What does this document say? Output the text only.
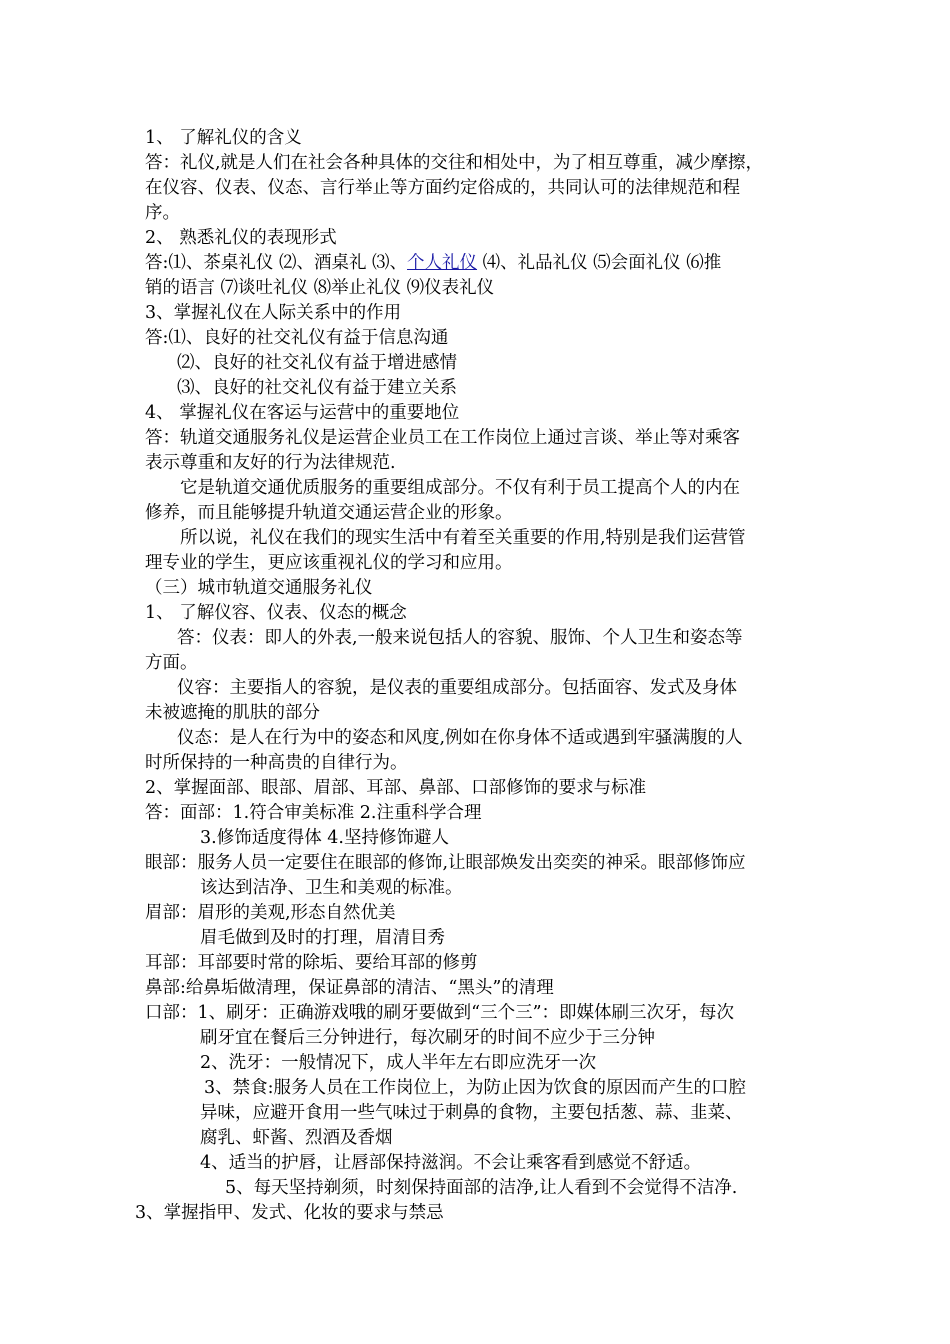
1、 了解礼仪的含义
答：礼仪,就是人们在社会各种具体的交往和相处中，为了相互尊重，减少摩擦，
在仪容、仪表、仪态、言行举止等方面约定俗成的，共同认可的法律规范和程
序。
2、 熟悉礼仪的表现形式
答:⑴、茶桌礼仪 ⑵、酒桌礼 ⑶、个人礼仪 ⑷、礼品礼仪 ⑸会面礼仪 ⑹推
销的语言 ⑺谈吐礼仪 ⑻举止礼仪 ⑼仪表礼仪
3、掌握礼仪在人际关系中的作用
答:⑴、良好的社交礼仪有益于信息沟通
⑵、良好的社交礼仪有益于增进感情
⑶、良好的社交礼仪有益于建立关系
4、 掌握礼仪在客运与运营中的重要地位
答：轨道交通服务礼仪是运营企业员工在工作岗位上通过言谈、举止等对乘客
表示尊重和友好的行为法律规范.
它是轨道交通优质服务的重要组成部分。不仅有利于员工提高个人的内在
修养，而且能够提升轨道交通运营企业的形象。
所以说，礼仪在我们的现实生活中有着至关重要的作用,特别是我们运营管
理专业的学生，更应该重视礼仪的学习和应用。
（三）城市轨道交通服务礼仪
1、 了解仪容、仪表、仪态的概念
答：仪表：即人的外表,一般来说包括人的容貌、服饰、个人卫生和姿态等
方面。
仪容：主要指人的容貌，是仪表的重要组成部分。包括面容、发式及身体
未被遮掩的肌肤的部分
仪态：是人在行为中的姿态和风度,例如在你身体不适或遇到牢骚满腹的人
时所保持的一种高贵的自律行为。
2、掌握面部、眼部、眉部、耳部、鼻部、口部修饰的要求与标准
答：面部：1.符合审美标准 2.注重科学合理
3.修饰适度得体 4.坚持修饰避人
眼部：服务人员一定要住在眼部的修饰,让眼部焕发出奕奕的神采。眼部修饰应
该达到洁净、卫生和美观的标准。
眉部：眉形的美观,形态自然优美
眉毛做到及时的打理，眉清目秀
耳部：耳部要时常的除垢、要给耳部的修剪
鼻部:给鼻垢做清理，保证鼻部的清洁、“黑头”的清理
口部：1、刷牙：正确游戏哦的刷牙要做到“三个三”：即媒体刷三次牙，每次
刷牙宜在餐后三分钟进行，每次刷牙的时间不应少于三分钟
2、洗牙：一般情况下，成人半年左右即应洗牙一次
3、禁食:服务人员在工作岗位上，为防止因为饮食的原因而产生的口腔
异味，应避开食用一些气味过于刺鼻的食物，主要包括葱、蒜、韭菜、
腐乳、虾酱、烈酒及香烟
4、适当的护唇，让唇部保持滋润。不会让乘客看到感觉不舒适。
5、每天坚持剃须，时刻保持面部的洁净,让人看到不会觉得不洁净.
3、掌握指甲、发式、化妆的要求与禁忌
